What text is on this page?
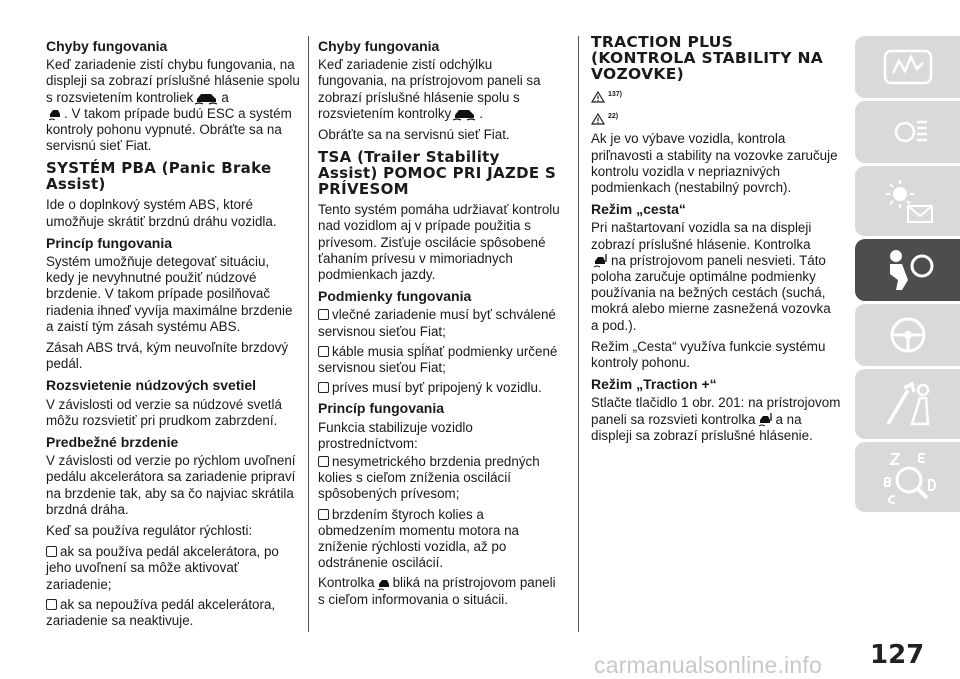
Chyby fungovania

Keď zariadenie zistí chybu fungovania, na displeji sa zobrazí príslušné hlásenie spolu s rozsvietením kontroliek a
. V takom prípade budú ESC a systém kontroly pohonu vypnuté. Obráťte sa na servisnú sieť Fiat.

SYSTÉM PBA (Panic Brake Assist)

Ide o doplnkový systém ABS, ktoré umožňuje skrátiť brzdnú dráhu vozidla.

Princíp fungovania

Systém umožňuje detegovať situáciu, kedy je nevyhnutné použiť núdzové brzdenie. V takom prípade posilňovač riadenia ihneď vyvíja maximálne brzdenie a zaistí tým zásah systému ABS.

Zásah ABS trvá, kým neuvoľníte brzdový pedál.

Rozsvietenie núdzových svetiel

V závislosti od verzie sa núdzové svetlá môžu rozsvietiť pri prudkom zabrzdení.

Predbežné brzdenie

V závislosti od verzie po rýchlom uvoľnení pedálu akcelerátora sa zariadenie pripraví na brzdenie tak, aby sa čo najviac skrátila brzdná dráha.

Keď sa používa regulátor rýchlosti:

ak sa používa pedál akcelerátora, po jeho uvoľnení sa môže aktivovať zariadenie;
ak sa nepoužíva pedál akcelerátora, zariadenie sa neaktivuje.
Chyby fungovania

Keď zariadenie zistí odchýlku fungovania, na prístrojovom paneli sa zobrazí príslušné hlásenie spolu s rozsvietením kontrolky .

Obráťte sa na servisnú sieť Fiat.

TSA (Trailer Stability Assist) POMOC PRI JAZDE S PRÍVESOM

Tento systém pomáha udržiavať kontrolu nad vozidlom aj v prípade použitia s prívesom. Zisťuje oscilácie spôsobené ťahaním prívesu v mimoriadnych podmienkach jazdy.

Podmienky fungovania
vlečné zariadenie musí byť schválené servisnou sieťou Fiat;
káble musia spĺňať podmienky určené servisnou sieťou Fiat;
príves musí byť pripojený k vozidlu.
Princíp fungovania

Funkcia stabilizuje vozidlo prostredníctvom:

nesymetrického brzdenia predných kolies s cieľom zníženia oscilácií spôsobených prívesom;
brzdením štyroch kolies a obmedzením momentu motora na zníženie rýchlosti vozidla, až po odstránenie oscilácií.

Kontrolka bliká na prístrojovom paneli s cieľom informovania o situácii.

TRACTION PLUS (KONTROLA STABILITY NA VOZOVKE)
137)
22)

Ak je vo výbave vozidla, kontrola priľnavosti a stability na vozovke zaručuje kontrolu vozidla v nepriaznivých podmienkach (nestabilný povrch).

Režim „cesta“

Pri naštartovaní vozidla sa na displeji zobrazí príslušné hlásenie. Kontrolka
na prístrojovom paneli nesvieti. Táto poloha zaručuje optimálne podmienky používania na bežných cestách (suchá, mokrá alebo mierne zasnežená vozovka a pod.).

Režim „Cesta“ využíva funkcie systému kontroly pohonu.

Režim „Traction +“

Stlačte tlačidlo 1 obr. 201: na prístrojovom paneli sa rozsvieti kontrolka a na displeji sa zobrazí príslušné hlásenie.

127
carmanualsonline.info
